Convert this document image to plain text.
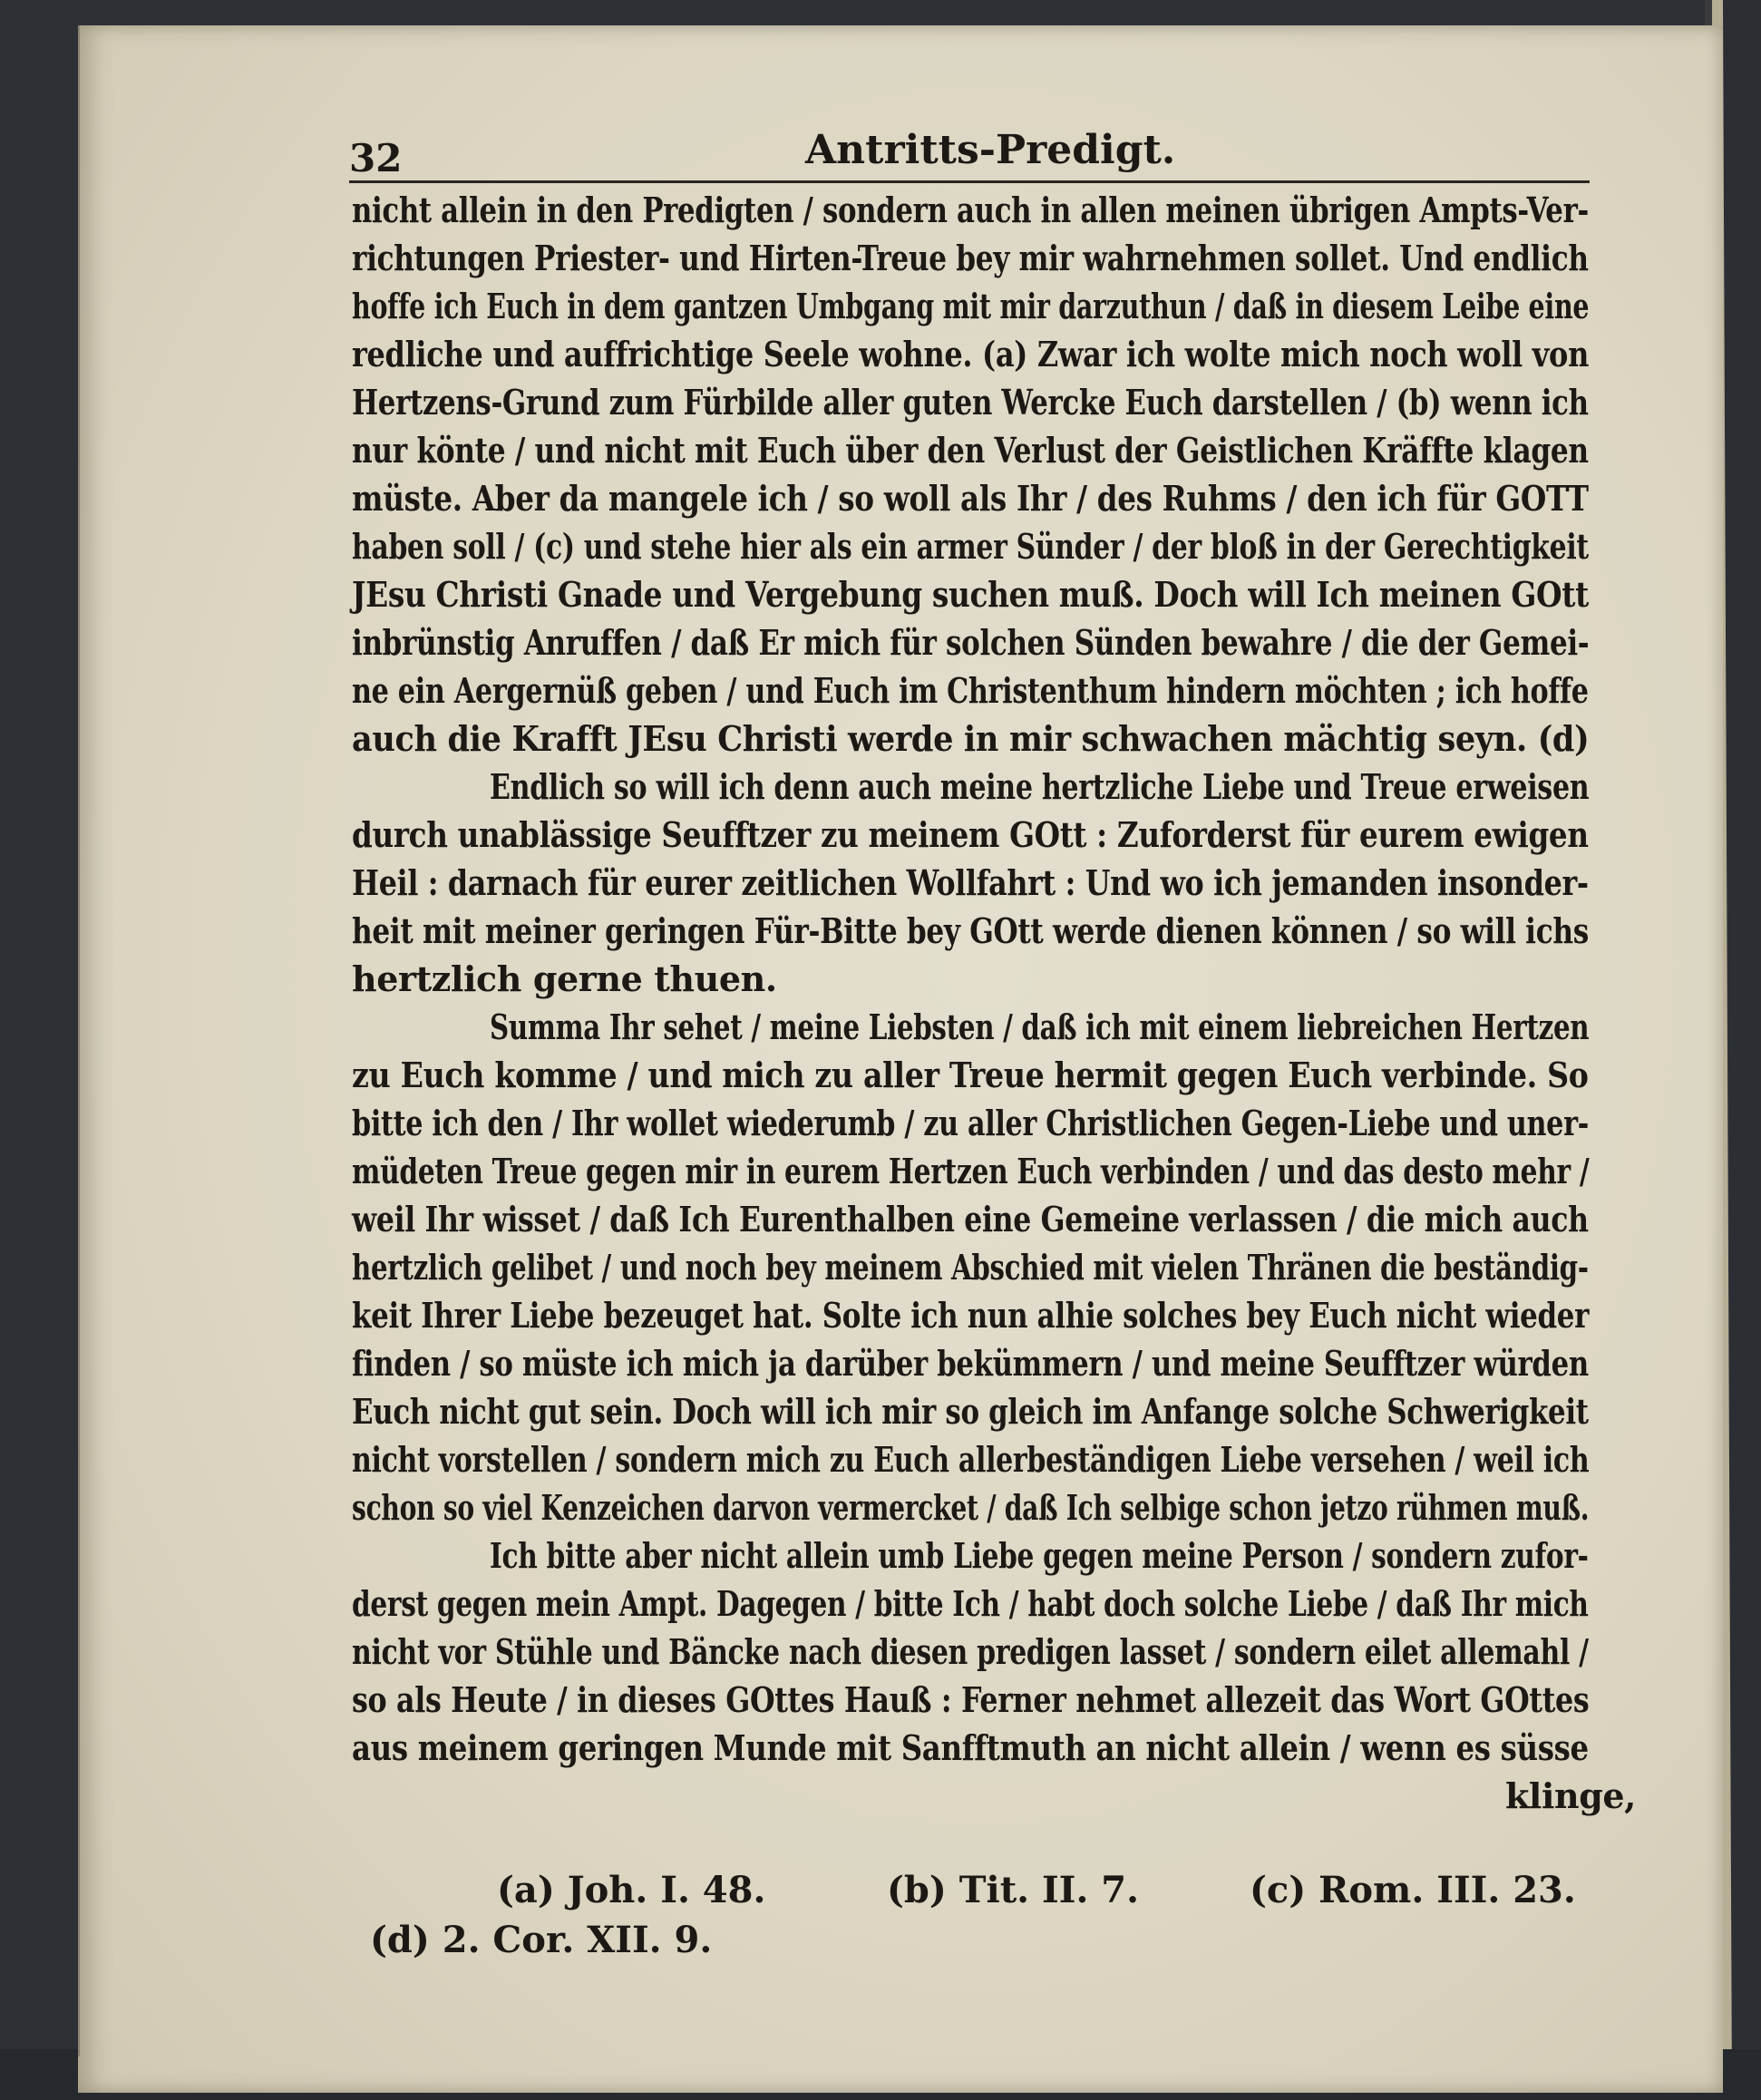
32	Antritts-Predigt.
nicht allein in den Predigten / sondern auch in allen meinen übrigen Ampts-Ver-
richtungen Priester- und Hirten-Treue bey mir wahrnehmen sollet. Und endlich
hoffe ich Euch in dem gantzen Umbgang mit mir darzuthun / daß in diesem Leibe eine
redliche und auffrichtige Seele wohne. (a) Zwar ich wolte mich noch woll von
Hertzens-Grund zum Fürbilde aller guten Wercke Euch darstellen / (b) wenn ich
nur könte / und nicht mit Euch über den Verlust der Geistlichen Kräffte klagen
müste. Aber da mangele ich / so woll als Ihr / des Ruhms / den ich für GOTT
haben soll / (c) und stehe hier als ein armer Sünder / der bloß in der Gerechtigkeit
JEsu Christi Gnade und Vergebung suchen muß. Doch will Ich meinen GOtt
inbrünstig Anruffen / daß Er mich für solchen Sünden bewahre / die der Gemei-
ne ein Aergernüß geben / und Euch im Christenthum hindern möchten ; ich hoffe
auch die Krafft JEsu Christi werde in mir schwachen mächtig seyn. (d)
Endlich so will ich denn auch meine hertzliche Liebe und Treue erweisen
durch unablässige Seufftzer zu meinem GOtt : Zuforderst für eurem ewigen
Heil : darnach für eurer zeitlichen Wollfahrt : Und wo ich jemanden insonder-
heit mit meiner geringen Für-Bitte bey GOtt werde dienen können / so will ichs
hertzlich gerne thuen.
Summa Ihr sehet / meine Liebsten / daß ich mit einem liebreichen Hertzen
zu Euch komme / und mich zu aller Treue hermit gegen Euch verbinde. So
bitte ich den / Ihr wollet wiederumb / zu aller Christlichen Gegen-Liebe und uner-
müdeten Treue gegen mir in eurem Hertzen Euch verbinden / und das desto mehr /
weil Ihr wisset / daß Ich Eurenthalben eine Gemeine verlassen / die mich auch
hertzlich gelibet / und noch bey meinem Abschied mit vielen Thränen die beständig-
keit Ihrer Liebe bezeuget hat. Solte ich nun alhie solches bey Euch nicht wieder
finden / so müste ich mich ja darüber bekümmern / und meine Seufftzer würden
Euch nicht gut sein. Doch will ich mir so gleich im Anfange solche Schwerigkeit
nicht vorstellen / sondern mich zu Euch allerbeständigen Liebe versehen / weil ich
schon so viel Kenzeichen darvon vermercket / daß Ich selbige schon jetzo rühmen muß.
Ich bitte aber nicht allein umb Liebe gegen meine Person / sondern zufor-
derst gegen mein Ampt. Dagegen / bitte Ich / habt doch solche Liebe / daß Ihr mich
nicht vor Stühle und Bäncke nach diesen predigen lasset / sondern eilet allemahl /
so als Heute / in dieses GOttes Hauß : Ferner nehmet allezeit das Wort GOttes
aus meinem geringen Munde mit Sanfftmuth an nicht allein / wenn es süsse
klinge,
(a) Joh. I. 48.	(b) Tit. II. 7.	(c) Rom. III. 23.
(d) 2. Cor. XII. 9.
